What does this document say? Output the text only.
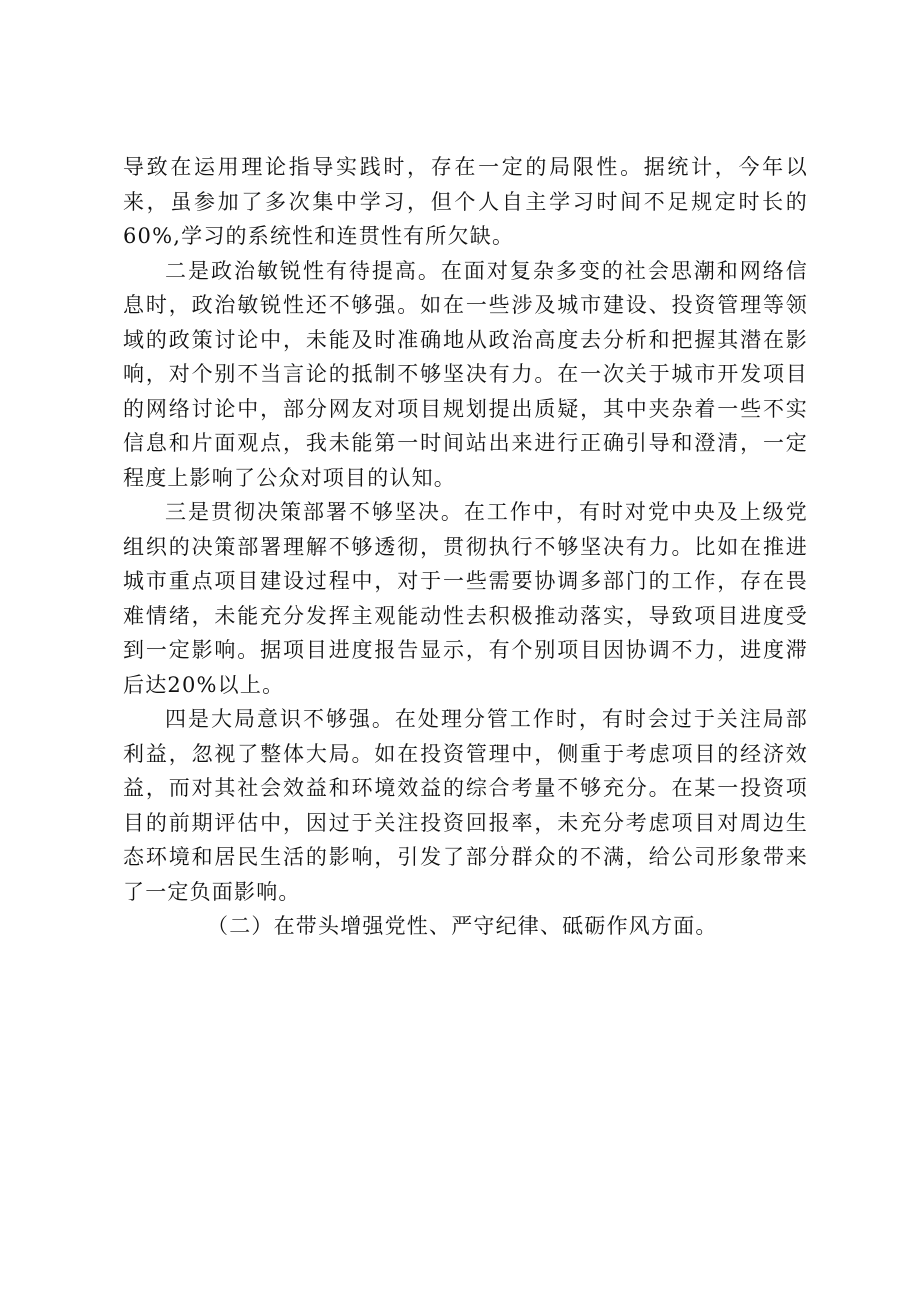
导致在运用理论指导实践时，存在一定的局限性。据统计，今年以来，虽参加了多次集中学习，但个人自主学习时间不足规定时长的60%,学习的系统性和连贯性有所欠缺。

二是政治敏锐性有待提高。在面对复杂多变的社会思潮和网络信息时，政治敏锐性还不够强。如在一些涉及城市建设、投资管理等领域的政策讨论中，未能及时准确地从政治高度去分析和把握其潜在影响，对个别不当言论的抵制不够坚决有力。在一次关于城市开发项目的网络讨论中，部分网友对项目规划提出质疑，其中夹杂着一些不实信息和片面观点，我未能第一时间站出来进行正确引导和澄清，一定程度上影响了公众对项目的认知。

三是贯彻决策部署不够坚决。在工作中，有时对党中央及上级党组织的决策部署理解不够透彻，贯彻执行不够坚决有力。比如在推进城市重点项目建设过程中，对于一些需要协调多部门的工作，存在畏难情绪，未能充分发挥主观能动性去积极推动落实，导致项目进度受到一定影响。据项目进度报告显示，有个别项目因协调不力，进度滞后达20%以上。

四是大局意识不够强。在处理分管工作时，有时会过于关注局部利益，忽视了整体大局。如在投资管理中，侧重于考虑项目的经济效益，而对其社会效益和环境效益的综合考量不够充分。在某一投资项目的前期评估中，因过于关注投资回报率，未充分考虑项目对周边生态环境和居民生活的影响，引发了部分群众的不满，给公司形象带来了一定负面影响。

（二）在带头增强党性、严守纪律、砥砺作风方面。
